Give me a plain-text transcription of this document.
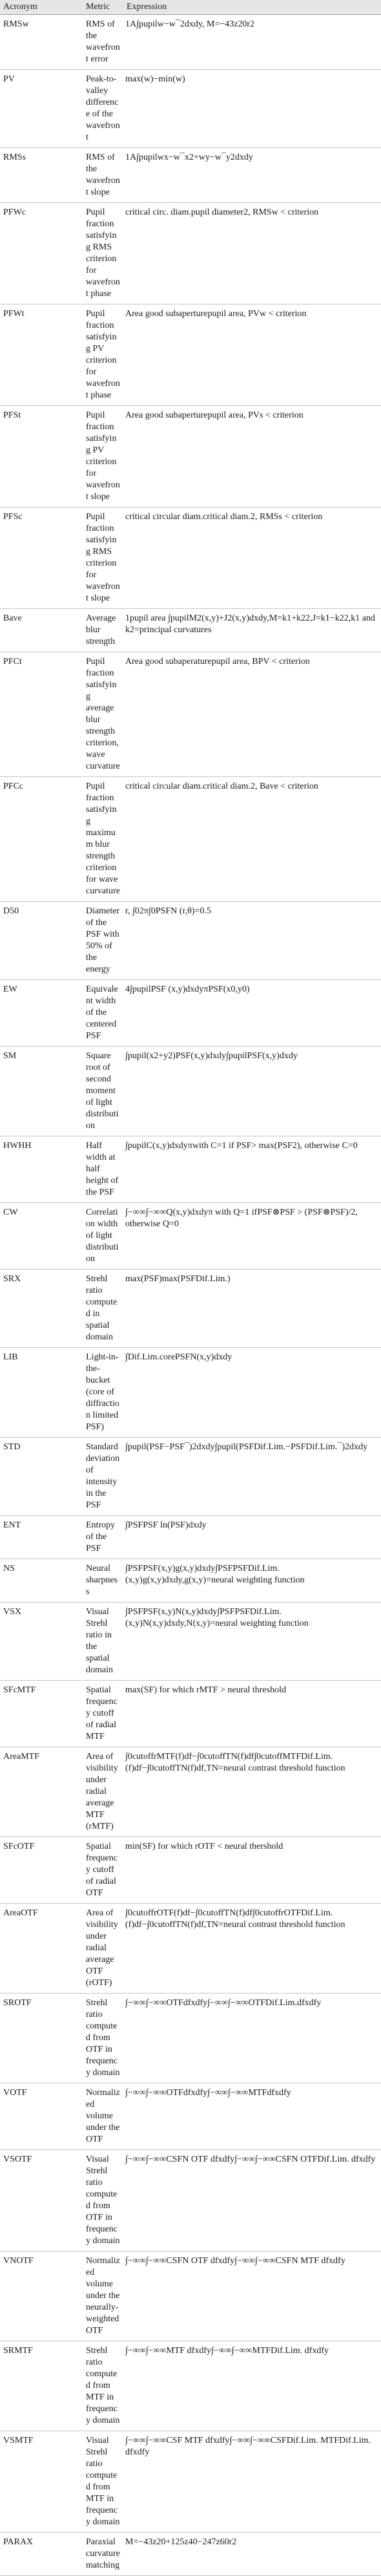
Acronym	Metric	Expression
RMSw	RMS of the wavefront error	1A∫pupilw−w¯2dxdy, M=−43z20r2
PV	Peak-to-valley difference of the wavefront	max(w)−min(w)
RMSs	RMS of the wavefront slope	1A∫pupilwx−w¯x2+wy−w¯y2dxdy
PFWc	Pupil fraction satisfying RMS criterion for wavefront phase	critical circ. diam.pupil diameter2, RMSw < criterion
PFWt	Pupil fraction satisfying PV criterion for wavefront phase	Area good subaperturepupil area, PVw < criterion
PFSt	Pupil fraction satisfying PV criterion for wavefront slope	Area good subaperturepupil area, PVs < criterion
PFSc	Pupil fraction satisfying RMS criterion for wavefront slope	critical circular diam.critical diam.2, RMSs < criterion
Bave	Average blur strength	1pupil area ∫pupilM2(x,y)+J2(x,y)dxdy,M=k1+k22,J=k1−k22,k1 and k2=principal curvatures
PFCt	Pupil fraction satisfying average blur strength criterion, wave curvature	Area good subaperaturepupil area, BPV < criterion
PFCc	Pupil fraction satisfying maximum blur strength criterion for wave curvature	critical circular diam.critical diam.2, Bave < criterion
D50	Diameter of the PSF with 50% of the energy	r, ∫02π∫0PSFN (r,θ)=0.5
EW	Equivalent width of the centered PSF	4∫pupilPSF (x,y)dxdyπPSF(x0,y0)
SM	Square root of second moment of light distribution	∫pupil(x2+y2)PSF(x,y)dxdy∫pupilPSF(x,y)dxdy
HWHH	Half width at half height of the PSF	∫pupilC(x,y)dxdyπwith C=1 if PSF> max(PSF2), otherwise C=0
CW	Correlation width of light distribution	∫−∞∞∫−∞∞Q(x,y)dxdyπ with Q=1 ifPSF⊗PSF > (PSF⊗PSF)/2, otherwise Q=0
SRX	Strehl ratio computed in spatial domain	max(PSF)max(PSFDif.Lim.)
LIB	Light-in-the-bucket (core of diffraction limited PSF)	∫Dif.Lim.corePSFN(x,y)dxdy
STD	Standard deviation of intensity in the PSF	∫pupil(PSF−PSF¯)2dxdy∫pupil(PSFDif.Lim.−PSFDif.Lim.¯)2dxdy
ENT	Entropy of the PSF	∫PSFPSF ln(PSF)dxdy
NS	Neural sharpness	∫PSFPSF(x,y)g(x,y)dxdy∫PSFPSFDif.Lim.(x,y)g(x,y)dxdy,g(x,y)=neural weighting function
VSX	Visual Strehl ratio in the spatial domain	∫PSFPSF(x,y)N(x,y)dxdy∫PSFPSFDif.Lim.(x,y)N(x,y)dxdy,N(x,y)=neural weighting function
SFcMTF	Spatial frequency cutoff of radial MTF	max(SF) for which rMTF > neural threshold
AreaMTF	Area of visibility under radial average MTF (rMTF)	∫0cutoffrMTF(f)df−∫0cutoffTN(f)df∫0cutoffMTFDif.Lim.(f)df−∫0cutoffTN(f)df,TN=neural contrast threshold function
SFcOTF	Spatial frequency cutoff of radial OTF	min(SF) for which rOTF < neural thershold
AreaOTF	Area of visibility under radial average OTF (rOTF)	∫0cutoffrOTF(f)df−∫0cutoffTN(f)df∫0cutoffrOTFDif.Lim.(f)df−∫0cutoffTN(f)df,TN=neural contrast threshold function
SROTF	Strehl ratio computed from OTF in frequency domain	∫−∞∞∫−∞∞OTFdfxdfy∫−∞∞∫−∞∞OTFDif.Lim.dfxdfy
VOTF	Normalized volume under the OTF	∫−∞∞∫−∞∞OTFdfxdfy∫−∞∞∫−∞∞MTFdfxdfy
VSOTF	Visual Strehl ratio computed from OTF in frequency domain	∫−∞∞∫−∞∞CSFN OTF dfxdfy∫−∞∞∫−∞∞CSFN OTFDif.Lim. dfxdfy
VNOTF	Normalized volume under the neurally-weighted OTF	∫−∞∞∫−∞∞CSFN OTF dfxdfy∫−∞∞∫−∞∞CSFN MTF dfxdfy
SRMTF	Strehl ratio computed from MTF in frequency domain	∫−∞∞∫−∞∞MTF dfxdfy∫−∞∞∫−∞∞MTFDif.Lim. dfxdfy
VSMTF	Visual Strehl ratio computed from MTF in frequency domain	∫−∞∞∫−∞∞CSF MTF dfxdfy∫−∞∞∫−∞∞CSFDif.Lim. MTFDif.Lim. dfxdfy
PARAX	Paraxial curvature matching	M=−43z20+125z40−247z60r2
